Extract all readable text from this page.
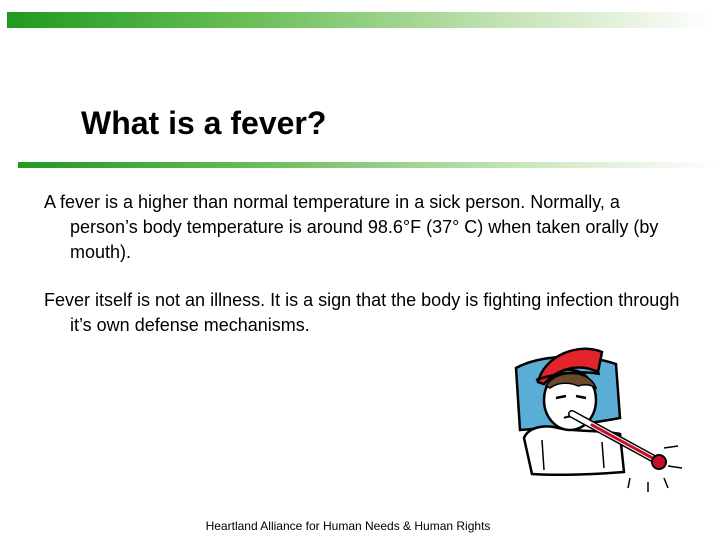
What is a fever?

A fever is a higher than normal temperature in a sick person. Normally, a person’s body temperature is around 98.6°F (37° C) when taken orally (by mouth).

Fever itself is not an illness. It is a sign that the body is fighting infection through it’s own defense mechanisms.

Heartland Alliance for Human Needs & Human Rights
